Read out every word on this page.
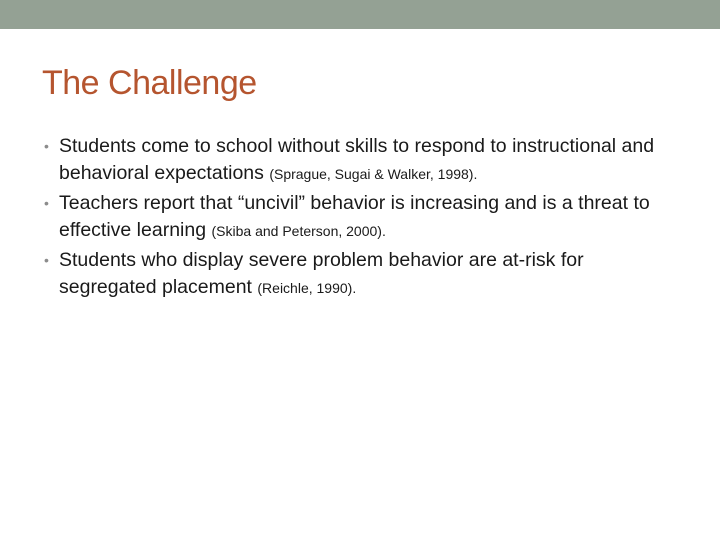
The Challenge
• Students come to school without skills to respond to instructional and behavioral expectations (Sprague, Sugai & Walker, 1998).
• Teachers report that “uncivil” behavior is increasing and is a threat to effective learning (Skiba and Peterson, 2000).
• Students who display severe problem behavior are at-risk for segregated placement (Reichle, 1990).
